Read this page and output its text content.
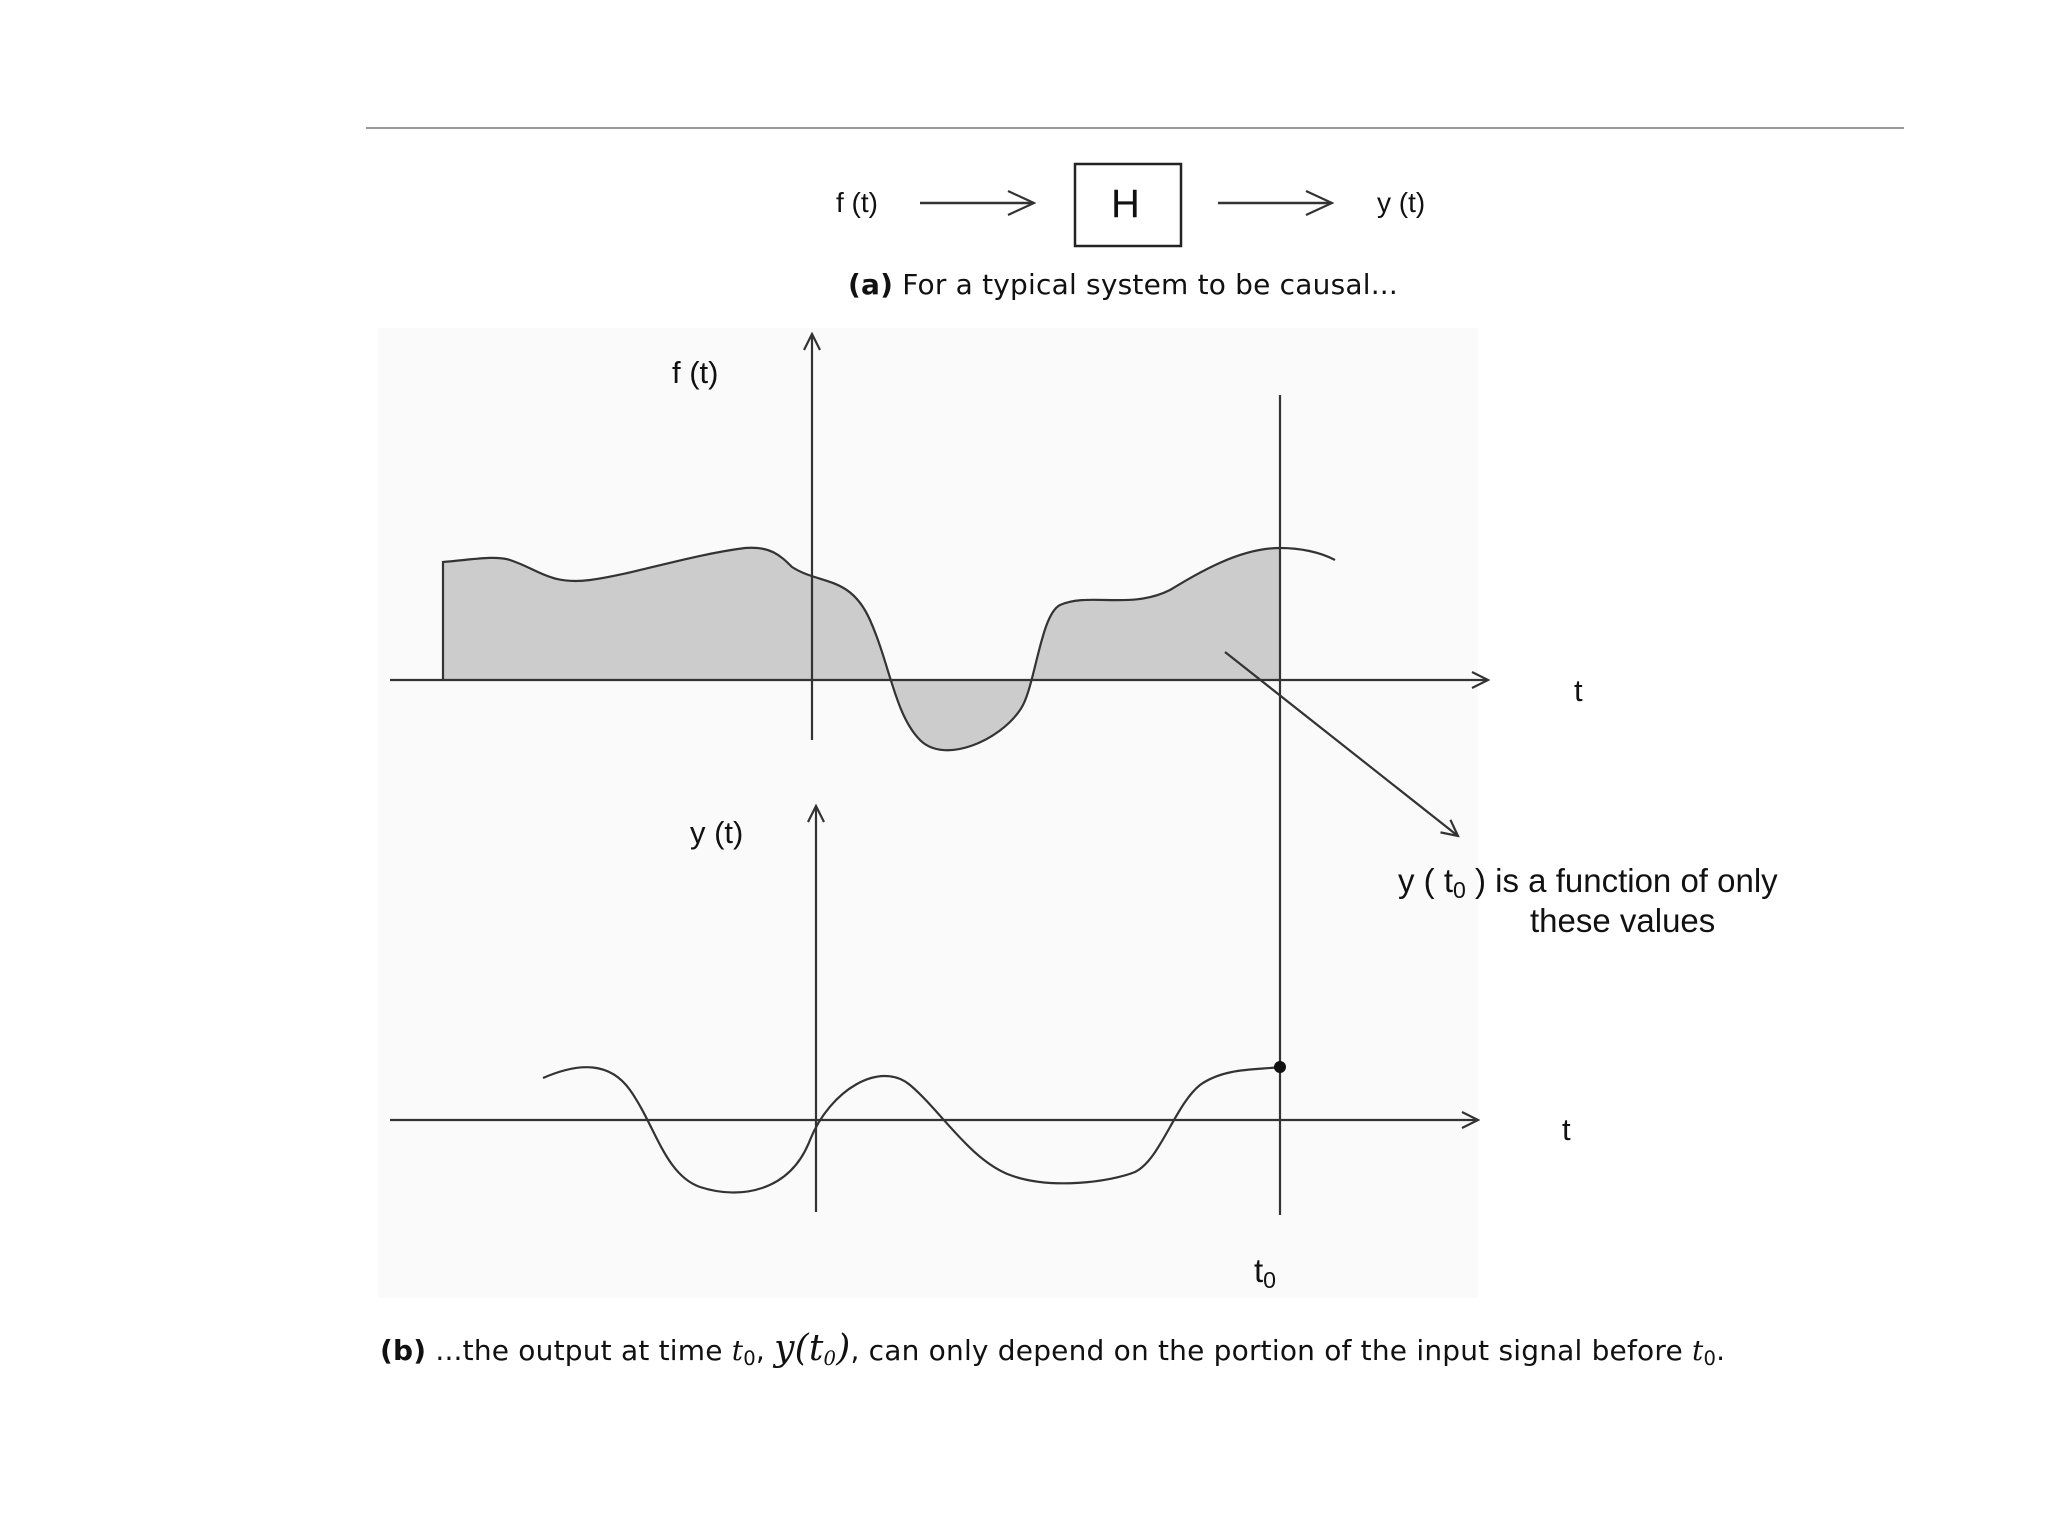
f (t)	H	y (t)
(a) For a typical system to be causal...
f (t)
t
y (t)
t
y ( $t_0$ ) is a function of only
these values
$t_0$
(b) ...the output at time $t_0$, $y(t_0)$, can only depend on the portion of the input signal before $t_0$.
